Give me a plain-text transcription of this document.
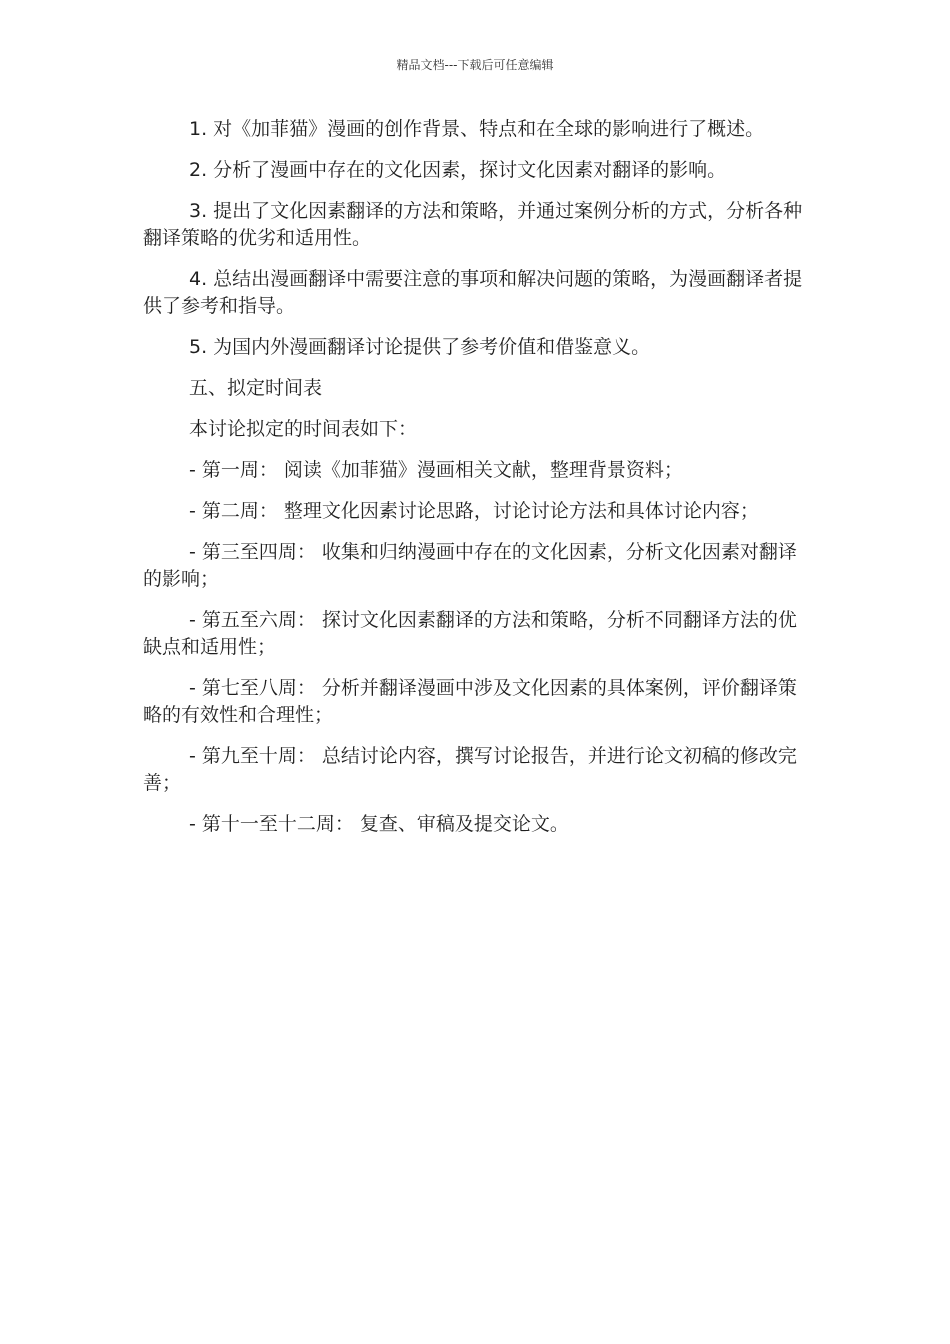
精品文档---下载后可任意编辑

1. 对《加菲猫》漫画的创作背景、特点和在全球的影响进行了概述。

2. 分析了漫画中存在的文化因素，探讨文化因素对翻译的影响。

3. 提出了文化因素翻译的方法和策略，并通过案例分析的方式，分析各种翻译策略的优劣和适用性。

4. 总结出漫画翻译中需要注意的事项和解决问题的策略，为漫画翻译者提供了参考和指导。

5. 为国内外漫画翻译讨论提供了参考价值和借鉴意义。

五、拟定时间表

本讨论拟定的时间表如下：

- 第一周： 阅读《加菲猫》漫画相关文献，整理背景资料；

- 第二周： 整理文化因素讨论思路，讨论讨论方法和具体讨论内容；

- 第三至四周： 收集和归纳漫画中存在的文化因素，分析文化因素对翻译的影响；

- 第五至六周： 探讨文化因素翻译的方法和策略，分析不同翻译方法的优缺点和适用性；

- 第七至八周： 分析并翻译漫画中涉及文化因素的具体案例，评价翻译策略的有效性和合理性；

- 第九至十周： 总结讨论内容，撰写讨论报告，并进行论文初稿的修改完善；

- 第十一至十二周： 复查、审稿及提交论文。
